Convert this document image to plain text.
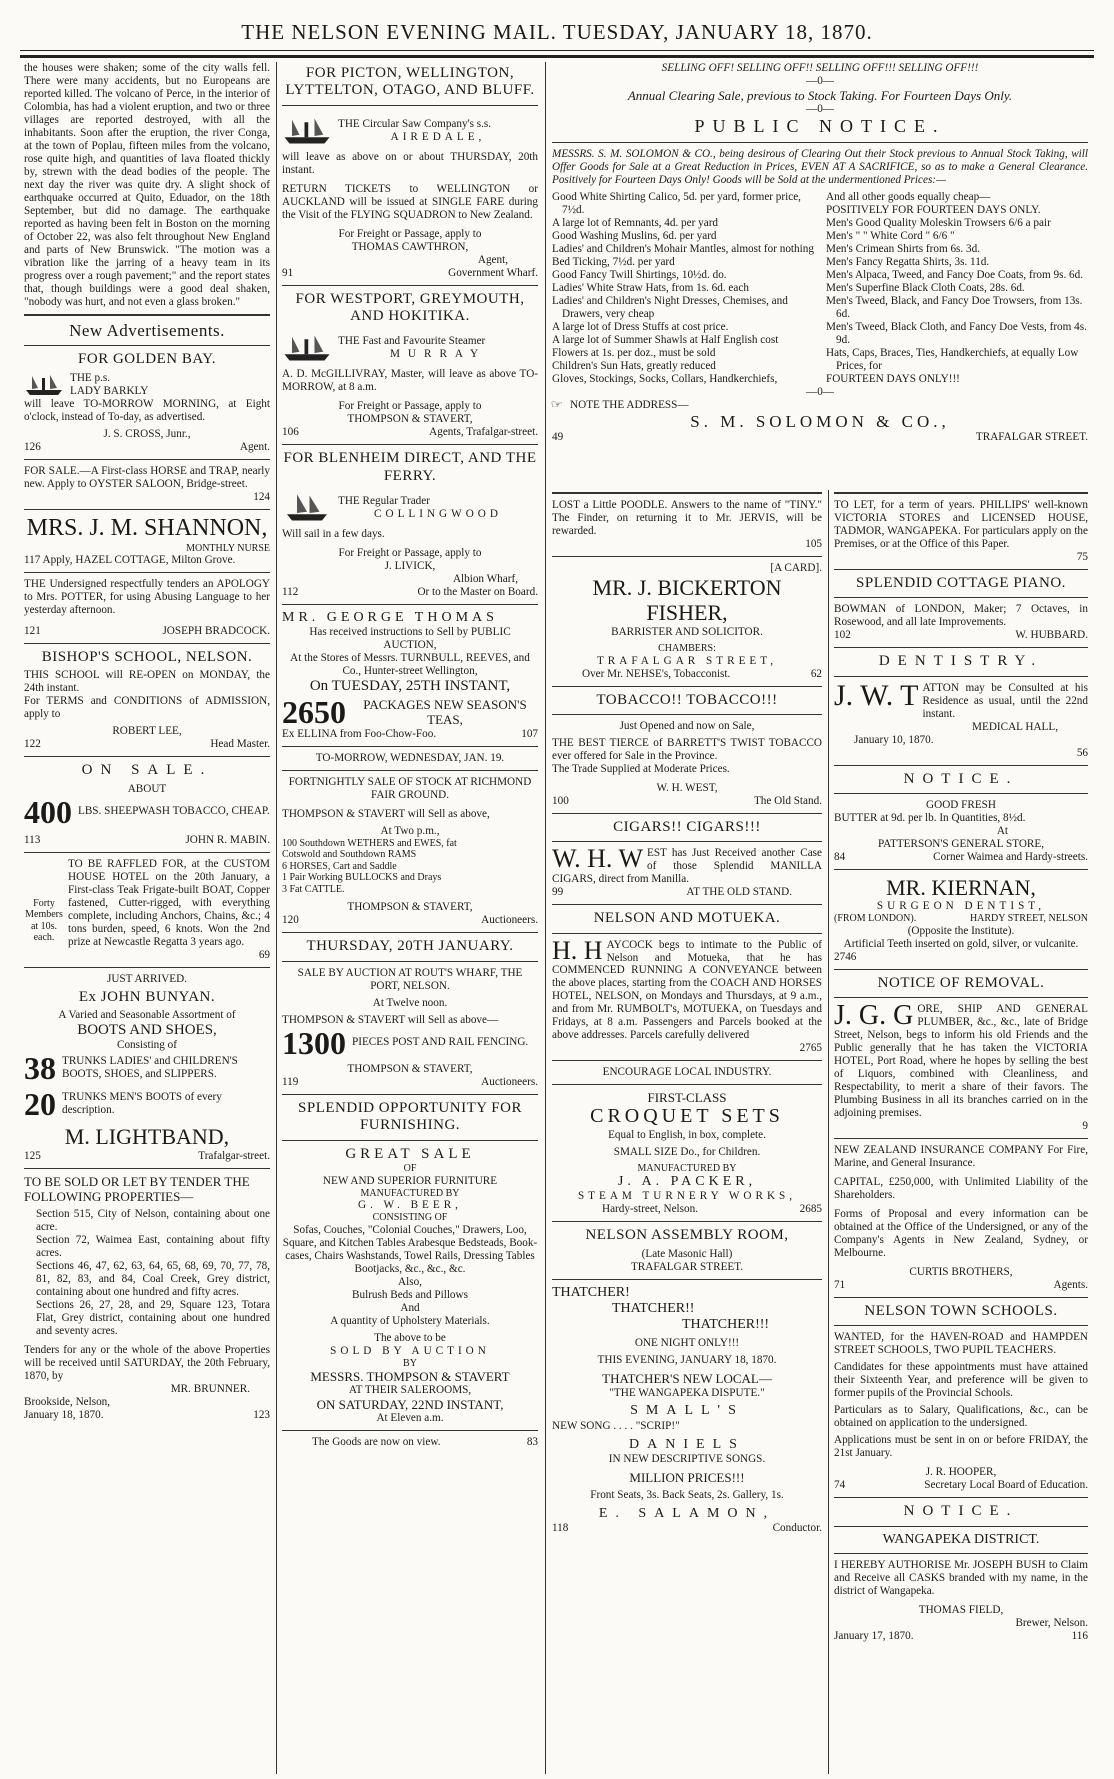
THE NELSON EVENING MAIL. TUESDAY, JANUARY 18, 1870.

the houses were shaken; some of the city walls fell. There were many accidents, but no Europeans are reported killed. The volcano of Perce, in the interior of Colombia, has had a violent eruption, and two or three villages are reported destroyed, with all the inhabitants. Soon after the eruption, the river Conga, at the town of Poplau, fifteen miles from the volcano, rose quite high, and quantities of lava floated thickly by, strewn with the dead bodies of the people. The next day the river was quite dry. A slight shock of earthquake occurred at Quito, Eduador, on the 18th September, but did no damage. The earthquake reported as having been felt in Boston on the morning of October 22, was also felt throughout New England and parts of New Brunswick. "The motion was a vibration like the jarring of a heavy team in its progress over a rough pavement;" and the report states that, though buildings were a good deal shaken, "nobody was hurt, and not even a glass broken."

New Advertisements.

FOR GOLDEN BAY.

THE p.s.

LADY BARKLY

will leave TO-MORROW MORNING, at Eight o'clock, instead of To-day, as advertised.

J. S. CROSS, Junr.,

126	Agent.

FOR SALE.—A First-class HORSE and TRAP, nearly new. Apply to OYSTER SALOON, Bridge-street.

124

MRS. J. M. SHANNON,

MONTHLY NURSE

117 Apply, HAZEL COTTAGE, Milton Grove.

THE Undersigned respectfully tenders an APOLOGY to Mrs. POTTER, for using Abusing Language to her yesterday afternoon.

121	JOSEPH BRADCOCK.

BISHOP'S SCHOOL, NELSON.

THIS SCHOOL will RE-OPEN on MONDAY, the 24th instant.

For TERMS and CONDITIONS of ADMISSION, apply to

ROBERT LEE,

122	Head Master.

ON SALE.

ABOUT

400 LBS. SHEEPWASH TOBACCO, CHEAP.
113	JOHN R. MABIN.

Forty Members at 10s. each.

TO BE RAFFLED FOR, at the CUSTOM HOUSE HOTEL on the 20th January, a First-class Teak Frigate-built BOAT, Copper fastened, Cutter-rigged, with everything complete, including Anchors, Chains, &c.; 4 tons burden, speed, 6 knots. Won the 2nd prize at Newcastle Regatta 3 years ago.

69

JUST ARRIVED.

Ex JOHN BUNYAN.

A Varied and Seasonable Assortment of

BOOTS AND SHOES,

Consisting of

38 TRUNKS LADIES' and CHILDREN'S BOOTS, SHOES, and SLIPPERS.
20 TRUNKS MEN'S BOOTS of every description.

M. LIGHTBAND,

125	Trafalgar-street.

TO BE SOLD OR LET BY TENDER THE FOLLOWING PROPERTIES—

Section 515, City of Nelson, containing about one acre.

Section 72, Waimea East, containing about fifty acres.

Sections 46, 47, 62, 63, 64, 65, 68, 69, 70, 77, 78, 81, 82, 83, and 84, Coal Creek, Grey district, containing about one hundred and fifty acres.

Sections 26, 27, 28, and 29, Square 123, Totara Flat, Grey district, containing about one hundred and seventy acres.

Tenders for any or the whole of the above Properties will be received until SATURDAY, the 20th February, 1870, by

MR. BRUNNER.

Brookside, Nelson,

January 18, 1870.	123

FOR PICTON, WELLINGTON, LYTTELTON, OTAGO, AND BLUFF.

THE Circular Saw Company's s.s.

AIREDALE,

will leave as above on or about THURSDAY, 20th instant.

RETURN TICKETS to WELLINGTON or AUCKLAND will be issued at SINGLE FARE during the Visit of the FLYING SQUADRON to New Zealand.

For Freight or Passage, apply to

THOMAS CAWTHRON,

Agent,

91	Government Wharf.

FOR WESTPORT, GREYMOUTH, AND HOKITIKA.

THE Fast and Favourite Steamer

MURRAY

A. D. McGILLIVRAY, Master, will leave as above TO-MORROW, at 8 a.m.

For Freight or Passage, apply to

THOMPSON & STAVERT,

106	Agents, Trafalgar-street.

FOR BLENHEIM DIRECT, AND THE FERRY.

THE Regular Trader

COLLINGWOOD

Will sail in a few days.

For Freight or Passage, apply to

J. LIVICK,

Albion Wharf,

112	Or to the Master on Board.

MR. GEORGE THOMAS

Has received instructions to Sell by PUBLIC AUCTION,

At the Stores of Messrs. TURNBULL, REEVES, and Co., Hunter-street Wellington,

On TUESDAY, 25TH INSTANT,

2650	PACKAGES NEW SEASON'S TEAS,
Ex ELLINA from Foo-Chow-Foo.	107

TO-MORROW, WEDNESDAY, JAN. 19.

FORTNIGHTLY SALE OF STOCK AT RICHMOND FAIR GROUND.

THOMPSON & STAVERT will Sell as above,

At Two p.m.,

100 Southdown WETHERS and EWES, fat

Cotswold and Southdown RAMS

6 HORSES, Cart and Saddle

1 Pair Working BULLOCKS and Drays

3 Fat CATTLE.

THOMPSON & STAVERT,

120	Auctioneers.

THURSDAY, 20TH JANUARY.

SALE BY AUCTION AT ROUT'S WHARF, THE PORT, NELSON.

At Twelve noon.

THOMPSON & STAVERT will Sell as above—

1300 PIECES POST AND RAIL FENCING.

THOMPSON & STAVERT,

119	Auctioneers.

SPLENDID OPPORTUNITY FOR FURNISHING.

GREAT SALE

OF

NEW AND SUPERIOR FURNITURE

MANUFACTURED BY

G. W. BEER,

CONSISTING OF

Sofas, Couches, "Colonial Couches," Drawers, Loo, Square, and Kitchen Tables Arabesque Bedsteads, Book-cases, Chairs Washstands, Towel Rails, Dressing Tables Bootjacks, &c., &c., &c.

Also,

Bulrush Beds and Pillows

And

A quantity of Upholstery Materials.

The above to be

SOLD BY AUCTION

BY

MESSRS. THOMPSON & STAVERT

AT THEIR SALEROOMS,

ON SATURDAY, 22ND INSTANT,

At Eleven a.m.

The Goods are now on view.	83

SELLING OFF! SELLING OFF!! SELLING OFF!!! SELLING OFF!!!

—0—

Annual Clearing Sale, previous to Stock Taking. For Fourteen Days Only.

—0—

PUBLIC NOTICE.

MESSRS. S. M. SOLOMON & CO., being desirous of Clearing Out their Stock previous to Annual Stock Taking, will Offer Goods for Sale at a Great Reduction in Prices, EVEN AT A SACRIFICE, so as to make a General Clearance. Positively for Fourteen Days Only! Goods will be Sold at the undermentioned Prices:—

Good White Shirting Calico, 5d. per yard, former price, 7½d.

A large lot of Remnants, 4d. per yard

Good Washing Muslins, 6d. per yard

Ladies' and Children's Mohair Mantles, almost for nothing

Bed Ticking, 7½d. per yard

Good Fancy Twill Shirtings, 10½d. do.

Ladies' White Straw Hats, from 1s. 6d. each

Ladies' and Children's Night Dresses, Chemises, and Drawers, very cheap

A large lot of Dress Stuffs at cost price.

A large lot of Summer Shawls at Half English cost

Flowers at 1s. per doz., must be sold

Children's Sun Hats, greatly reduced

Gloves, Stockings, Socks, Collars, Handkerchiefs,

And all other goods equally cheap—

POSITIVELY FOR FOURTEEN DAYS ONLY.

Men's Good Quality Moleskin Trowsers 6/6 a pair

Men's " " White Cord " 6/6 "

Men's Crimean Shirts from 6s. 3d.

Men's Fancy Regatta Shirts, 3s. 11d.

Men's Alpaca, Tweed, and Fancy Doe Coats, from 9s. 6d.

Men's Superfine Black Cloth Coats, 28s. 6d.

Men's Tweed, Black, and Fancy Doe Trowsers, from 13s. 6d.

Men's Tweed, Black Cloth, and Fancy Doe Vests, from 4s. 9d.

Hats, Caps, Braces, Ties, Handkerchiefs, at equally Low Prices, for

FOURTEEN DAYS ONLY!!!

—0—

☞ NOTE THE ADDRESS—

S. M. SOLOMON & CO.,

49	TRAFALGAR STREET.

LOST a Little POODLE. Answers to the name of "TINY." The Finder, on returning it to Mr. JERVIS, will be rewarded.

105

[A CARD].

MR. J. BICKERTON FISHER,

BARRISTER AND SOLICITOR.

CHAMBERS:

TRAFALGAR STREET,

Over Mr. NEHSE's, Tobacconist.	62

TOBACCO!! TOBACCO!!!

Just Opened and now on Sale,

THE BEST TIERCE of BARRETT'S TWIST TOBACCO ever offered for Sale in the Province.

The Trade Supplied at Moderate Prices.

W. H. WEST,

100	The Old Stand.

CIGARS!! CIGARS!!!

W. H. W EST has Just Received another Case of those Splendid MANILLA CIGARS, direct from Manilla.

99	AT THE OLD STAND.

NELSON AND MOTUEKA.

H. H AYCOCK begs to intimate to the Public of Nelson and Motueka, that he has COMMENCED RUNNING A CONVEYANCE between the above places, starting from the COACH AND HORSES HOTEL, NELSON, on Mondays and Thursdays, at 9 a.m., and from Mr. RUMBOLT's, MOTUEKA, on Tuesdays and Fridays, at 8 a.m. Passengers and Parcels booked at the above addresses. Parcels carefully delivered

2765

ENCOURAGE LOCAL INDUSTRY.

FIRST-CLASS

CROQUET SETS

Equal to English, in box, complete.

SMALL SIZE Do., for Children.

MANUFACTURED BY

J. A. PACKER,

STEAM TURNERY WORKS,

Hardy-street, Nelson.	2685

NELSON ASSEMBLY ROOM,

(Late Masonic Hall)

TRAFALGAR STREET.

THATCHER!

THATCHER!!

THATCHER!!!

ONE NIGHT ONLY!!!

THIS EVENING, JANUARY 18, 1870.

THATCHER'S NEW LOCAL—

"THE WANGAPEKA DISPUTE."

SMALL'S

NEW SONG . . . . "SCRIP!"

DANIELS

IN NEW DESCRIPTIVE SONGS.

MILLION PRICES!!!

Front Seats, 3s. Back Seats, 2s. Gallery, 1s.

E. SALAMON,

118	Conductor.

TO LET, for a term of years. PHILLIPS' well-known VICTORIA STORES and LICENSED HOUSE, TADMOR, WANGAPEKA. For particulars apply on the Premises, or at the Office of this Paper.

75

SPLENDID COTTAGE PIANO.

BOWMAN of LONDON, Maker; 7 Octaves, in Rosewood, and all late Improvements.

102	W. HUBBARD.

DENTISTRY.

J. W. T ATTON may be Consulted at his Residence as usual, until the 22nd instant.

MEDICAL HALL,

January 10, 1870.

56

NOTICE.

GOOD FRESH

BUTTER at 9d. per lb. In Quantities, 8½d.

At

PATTERSON'S GENERAL STORE,

84	Corner Waimea and Hardy-streets.

MR. KIERNAN,

SURGEON DENTIST,

(FROM LONDON).	HARDY STREET, NELSON

(Opposite the Institute).

Artificial Teeth inserted on gold, silver, or vulcanite.

2746

NOTICE OF REMOVAL.

J. G. G ORE, SHIP AND GENERAL PLUMBER, &c., &c., late of Bridge Street, Nelson, begs to inform his old Friends and the Public generally that he has taken the VICTORIA HOTEL, Port Road, where he hopes by selling the best of Liquors, combined with Cleanliness, and Respectability, to merit a share of their favors. The Plumbing Business in all its branches carried on in the adjoining premises.

9

NEW ZEALAND INSURANCE COMPANY For Fire, Marine, and General Insurance.

CAPITAL, £250,000, with Unlimited Liability of the Shareholders.

Forms of Proposal and every information can be obtained at the Office of the Undersigned, or any of the Company's Agents in New Zealand, Sydney, or Melbourne.

CURTIS BROTHERS,

71	Agents.

NELSON TOWN SCHOOLS.

WANTED, for the HAVEN-ROAD and HAMPDEN STREET SCHOOLS, TWO PUPIL TEACHERS.

Candidates for these appointments must have attained their Sixteenth Year, and preference will be given to former pupils of the Provincial Schools.

Particulars as to Salary, Qualifications, &c., can be obtained on application to the undersigned.

Applications must be sent in on or before FRIDAY, the 21st January.

J. R. HOOPER,

74	Secretary Local Board of Education.

NOTICE.

WANGAPEKA DISTRICT.

I HEREBY AUTHORISE Mr. JOSEPH BUSH to Claim and Receive all CASKS branded with my name, in the district of Wangapeka.

THOMAS FIELD,

Brewer, Nelson.

January 17, 1870.	116
